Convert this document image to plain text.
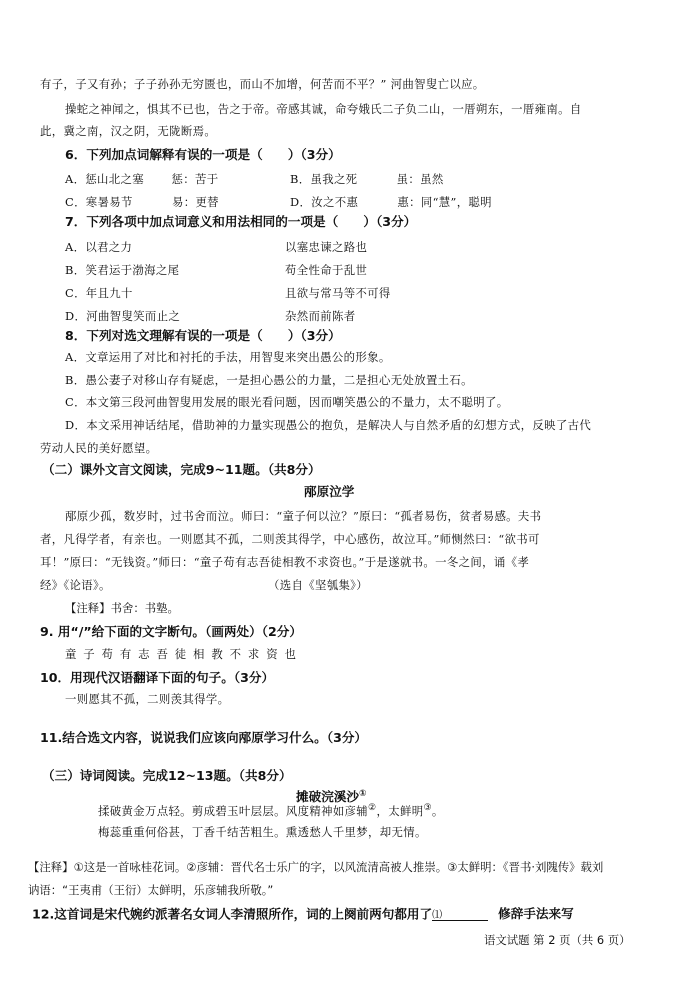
有子，子又有孙；子子孙孙无穷匮也，而山不加增，何苦而不平？” 河曲智叟亡以应。
操蛇之神闻之，惧其不已也，告之于帝。帝感其诚，命夸娥氏二子负二山，一厝朔东，一厝雍南。自
此，冀之南，汉之阴，无陇断焉。
6．下列加点词解释有误的一项是（　　）（3分）
A．惩山北之塞　　 惩：苦于	B．虽我之死　　　 虽：虽然
C．寒暑易节　　　 易：更替	D．汝之不惠　　　 惠：同“慧”，聪明
7．下列各项中加点词意义和用法相同的一项是（　　）（3分）
A．以君之力	以塞忠谏之路也
B．笑君运于渤海之尾	苟全性命于乱世
C．年且九十	且欲与常马等不可得
D．河曲智叟笑而止之	杂然而前陈者
8．下列对选文理解有误的一项是（　　）（3分）
A．文章运用了对比和衬托的手法，用智叟来突出愚公的形象。
B．愚公妻子对移山存有疑虑，一是担心愚公的力量，二是担心无处放置土石。
C．本文第三段河曲智叟用发展的眼光看问题，因而嘲笑愚公的不量力，太不聪明了。
D．本文采用神话结尾，借助神的力量实现愚公的抱负，是解决人与自然矛盾的幻想方式，反映了古代
劳动人民的美好愿望。
（二）课外文言文阅读，完成9~11题。（共8分）
邴原泣学
邴原少孤，数岁时，过书舍而泣。师曰：“童子何以泣？”原曰：“孤者易伤，贫者易感。夫书
者，凡得学者，有亲也。一则愿其不孤，二则羡其得学，中心感伤，故泣耳。”师恻然曰：“欲书可
耳！”原曰：“无钱资。”师曰：“童子苟有志吾徒相教不求资也。”于是遂就书。一冬之间，诵《孝
经》《论语》。	（选自《坚瓠集》）
【注释】书舍：书塾。
9. 用“/”给下面的文字断句。（画两处）（2分）
童子苟有志吾徒相教不求资也
10．用现代汉语翻译下面的句子。（3分）
一则愿其不孤，二则羡其得学。
11.结合选文内容，说说我们应该向邴原学习什么。（3分）
（三）诗词阅读。完成12~13题。（共8分）
摊破浣溪沙①
揉破黄金万点轻。剪成碧玉叶层层。风度精神如彦辅②，太鲜明③。
梅蕊重重何俗甚，丁香千结苦粗生。熏透愁人千里梦，却无情。
【注释】①这是一首咏桂花词。②彦辅：晋代名士乐广的字，以风流清高被人推崇。③太鲜明：《晋书·刘隗传》载刘
讷语：“王夷甫（王衍）太鲜明，乐彦辅我所敬。”
12.这首词是宋代婉约派著名女词人李清照所作，词的上阕前两句都用了⑴	修辞手法来写
语文试题 第 2 页（共 6 页）
